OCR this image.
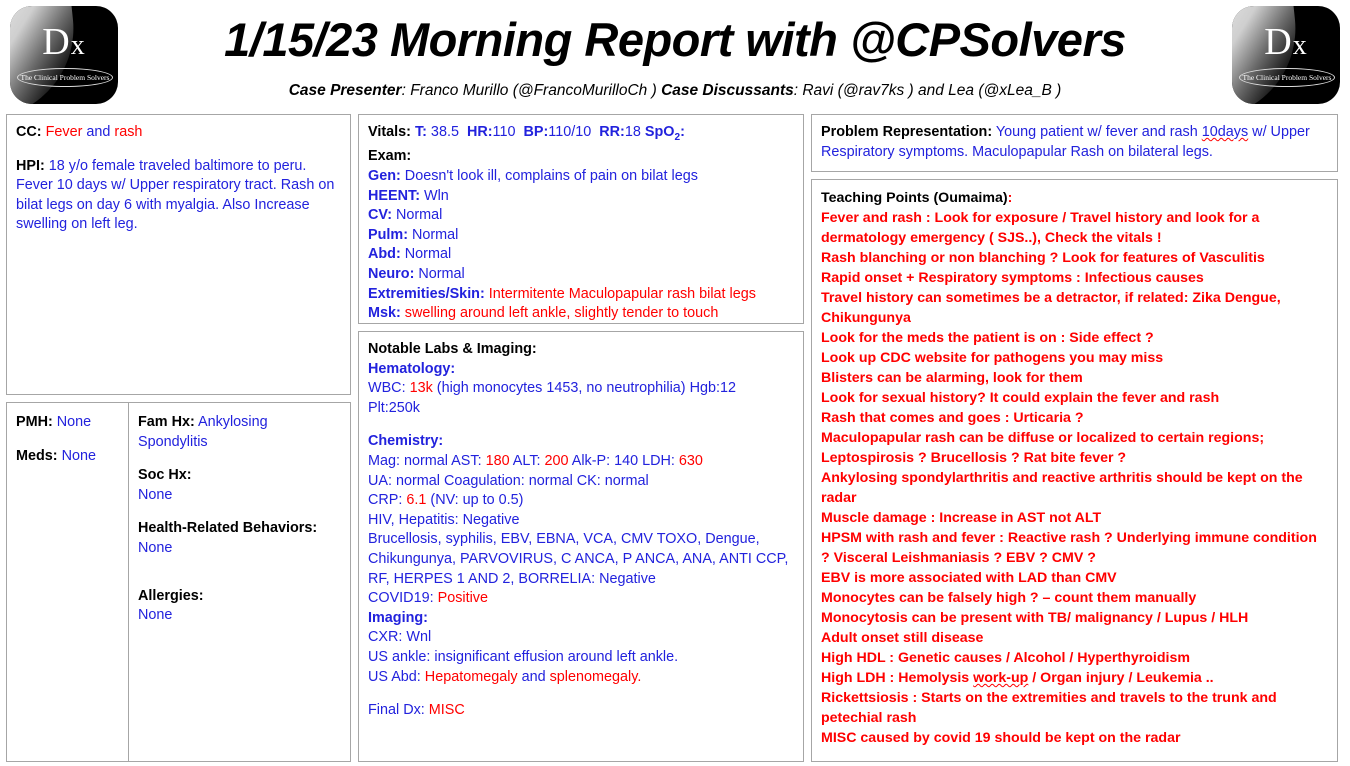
Dx
The Clinical Problem Solvers
1/15/23 Morning Report with @CPSolvers
Case Presenter: Franco Murillo (@FrancoMurilloCh ) Case Discussants: Ravi (@rav7ks ) and Lea (@xLea_B )
Dx
The Clinical Problem Solvers

CC: Fever and rash

HPI: 18 y/o female traveled baltimore to peru. Fever 10 days w/ Upper respiratory tract. Rash on bilat legs on day 6 with myalgia. Also Increase swelling on left leg.

PMH: None

Meds: None

Fam Hx: Ankylosing Spondylitis

Soc Hx:

None

Health-Related Behaviors:

None

Allergies:

None

Vitals: T: 38.5 HR:110 BP:110/10 RR:18 SpO$_2$:

Exam:

Gen: Doesn't look ill, complains of pain on bilat legs

HEENT: Wln

CV: Normal

Pulm: Normal

Abd: Normal

Neuro: Normal

Extremities/Skin: Intermitente Maculopapular rash bilat legs

Msk: swelling around left ankle, slightly tender to touch

Notable Labs & Imaging:

Hematology:

WBC: 13k (high monocytes 1453, no neutrophilia) Hgb:12

Plt:250k

Chemistry:

Mag: normal AST: 180 ALT: 200 Alk-P: 140 LDH: 630

UA: normal Coagulation: normal CK: normal

CRP: 6.1 (NV: up to 0.5)

HIV, Hepatitis: Negative

Brucellosis, syphilis, EBV, EBNA, VCA, CMV TOXO, Dengue, Chikungunya, PARVOVIRUS, C ANCA, P ANCA, ANA, ANTI CCP, RF, HERPES 1 AND 2, BORRELIA: Negative

COVID19: Positive

Imaging:

CXR: Wnl

US ankle: insignificant effusion around left ankle.

US Abd: Hepatomegaly and splenomegaly.

Final Dx: MISC

Problem Representation: Young patient w/ fever and rash 10days w/ Upper Respiratory symptoms. Maculopapular Rash on bilateral legs.

Teaching Points (Oumaima):

Fever and rash : Look for exposure / Travel history and look for a dermatology emergency ( SJS..), Check the vitals !

Rash blanching or non blanching ? Look for features of Vasculitis

Rapid onset + Respiratory symptoms : Infectious causes

Travel history can sometimes be a detractor, if related: Zika Dengue, Chikungunya

Look for the meds the patient is on : Side effect ?

Look up CDC website for pathogens you may miss

Blisters can be alarming, look for them

Look for sexual history? It could explain the fever and rash

Rash that comes and goes : Urticaria ?

Maculopapular rash can be diffuse or localized to certain regions; Leptospirosis ? Brucellosis ? Rat bite fever ?

Ankylosing spondylarthritis and reactive arthritis should be kept on the radar

Muscle damage : Increase in AST not ALT

HPSM with rash and fever : Reactive rash ? Underlying immune condition ? Visceral Leishmaniasis ? EBV ? CMV ?

EBV is more associated with LAD than CMV

Monocytes can be falsely high ? – count them manually

Monocytosis can be present with TB/ malignancy / Lupus / HLH

Adult onset still disease

High HDL : Genetic causes / Alcohol / Hyperthyroidism

High LDH : Hemolysis work-up / Organ injury / Leukemia ..

Rickettsiosis : Starts on the extremities and travels to the trunk and petechial rash

MISC caused by covid 19 should be kept on the radar
